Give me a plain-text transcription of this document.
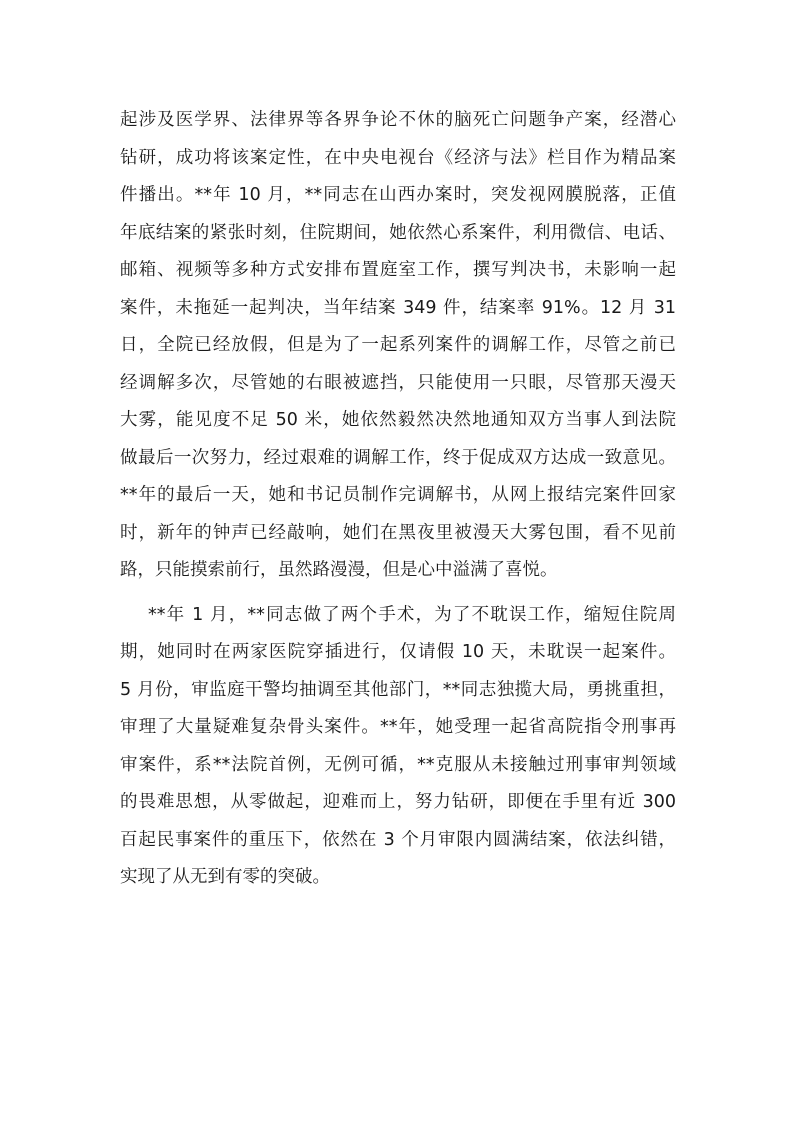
起涉及医学界、法律界等各界争论不休的脑死亡问题争产案，经潜心
钻研，成功将该案定性，在中央电视台《经济与法》栏目作为精品案
件播出。**年 10 月，**同志在山西办案时，突发视网膜脱落，正值
年底结案的紧张时刻，住院期间，她依然心系案件，利用微信、电话、
邮箱、视频等多种方式安排布置庭室工作，撰写判决书，未影响一起
案件，未拖延一起判决，当年结案 349 件，结案率 91%。12 月 31
日，全院已经放假，但是为了一起系列案件的调解工作，尽管之前已
经调解多次，尽管她的右眼被遮挡，只能使用一只眼，尽管那天漫天
大雾，能见度不足 50 米，她依然毅然决然地通知双方当事人到法院
做最后一次努力，经过艰难的调解工作，终于促成双方达成一致意见。
**年的最后一天，她和书记员制作完调解书，从网上报结完案件回家
时，新年的钟声已经敲响，她们在黑夜里被漫天大雾包围，看不见前
路，只能摸索前行，虽然路漫漫，但是心中溢满了喜悦。
**年 1 月，**同志做了两个手术，为了不耽误工作，缩短住院周
期，她同时在两家医院穿插进行，仅请假 10 天，未耽误一起案件。
5 月份，审监庭干警均抽调至其他部门，**同志独揽大局，勇挑重担，
审理了大量疑难复杂骨头案件。**年，她受理一起省高院指令刑事再
审案件，系**法院首例，无例可循，**克服从未接触过刑事审判领域
的畏难思想，从零做起，迎难而上，努力钻研，即便在手里有近 300
百起民事案件的重压下，依然在 3 个月审限内圆满结案，依法纠错，
实现了从无到有零的突破。
